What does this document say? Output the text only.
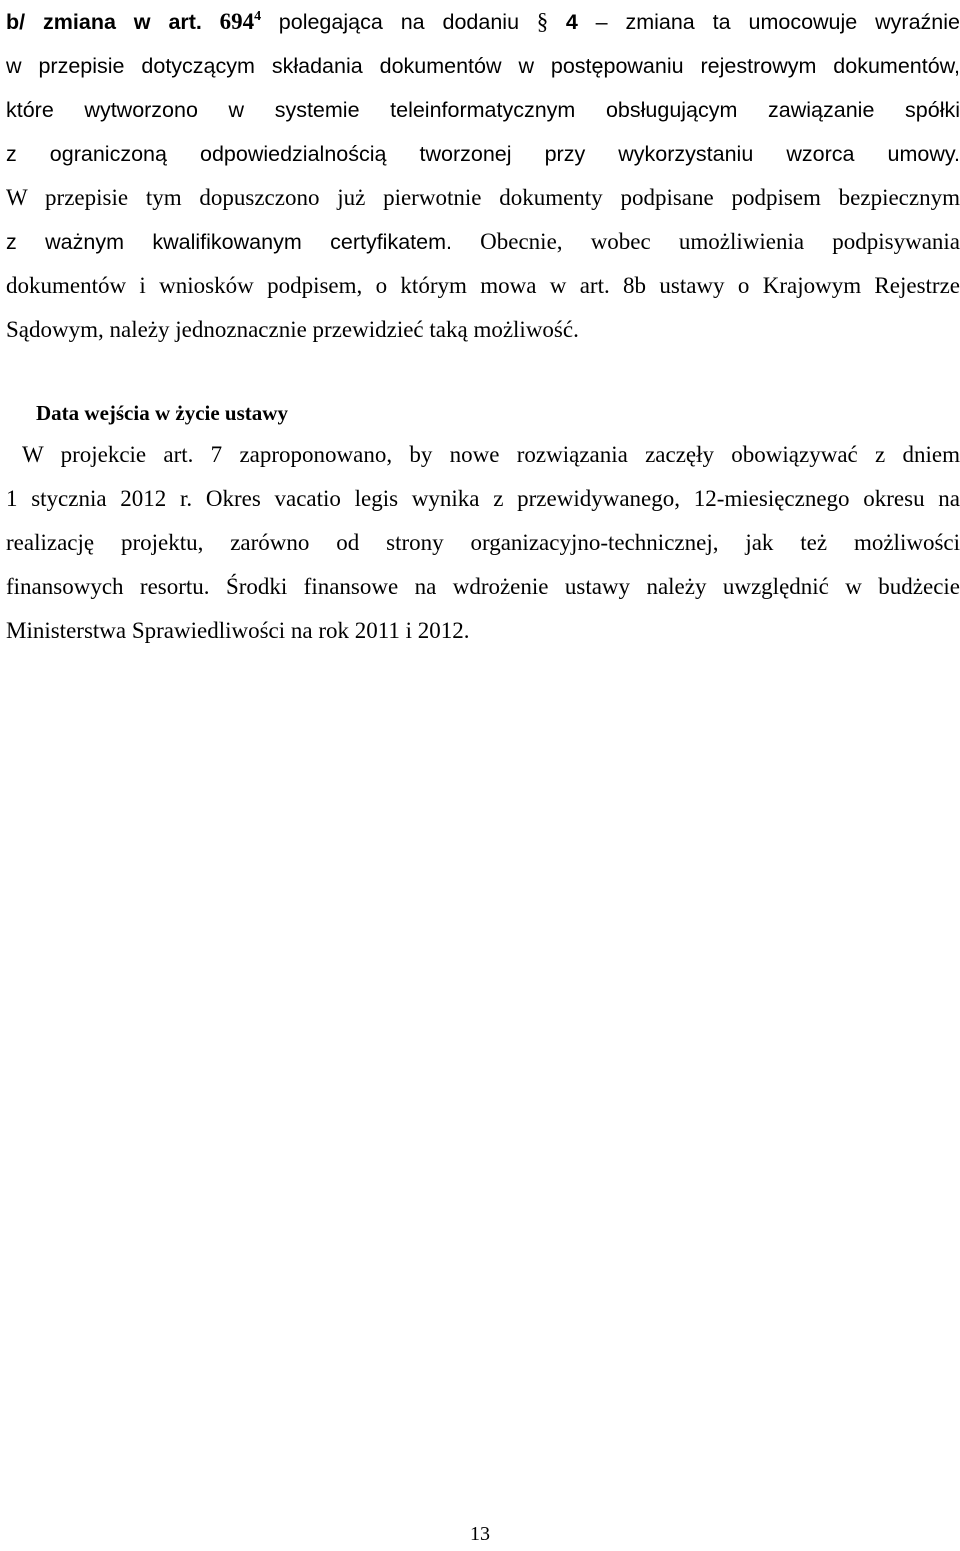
b/ zmiana w art. $694^4$ polegająca na dodaniu § 4 – zmiana ta umocowuje wyraźnie
w przepisie dotyczącym składania dokumentów w postępowaniu rejestrowym dokumentów,
które wytworzono w systemie teleinformatycznym obsługującym zawiązanie spółki
z ograniczoną odpowiedzialnością tworzonej przy wykorzystaniu wzorca umowy.
W przepisie tym dopuszczono już pierwotnie dokumenty podpisane podpisem bezpiecznym
z ważnym kwalifikowanym certyfikatem. Obecnie, wobec umożliwienia podpisywania
dokumentów i wniosków podpisem, o którym mowa w art. 8b ustawy o Krajowym Rejestrze
Sądowym, należy jednoznacznie przewidzieć taką możliwość.
Data wejścia w życie ustawy
W projekcie art. 7 zaproponowano, by nowe rozwiązania zaczęły obowiązywać z dniem
1 stycznia 2012 r. Okres vacatio legis wynika z przewidywanego, 12-miesięcznego okresu na
realizację projektu, zarówno od strony organizacyjno-technicznej, jak też możliwości
finansowych resortu. Środki finansowe na wdrożenie ustawy należy uwzględnić w budżecie
Ministerstwa Sprawiedliwości na rok 2011 i 2012.
13
